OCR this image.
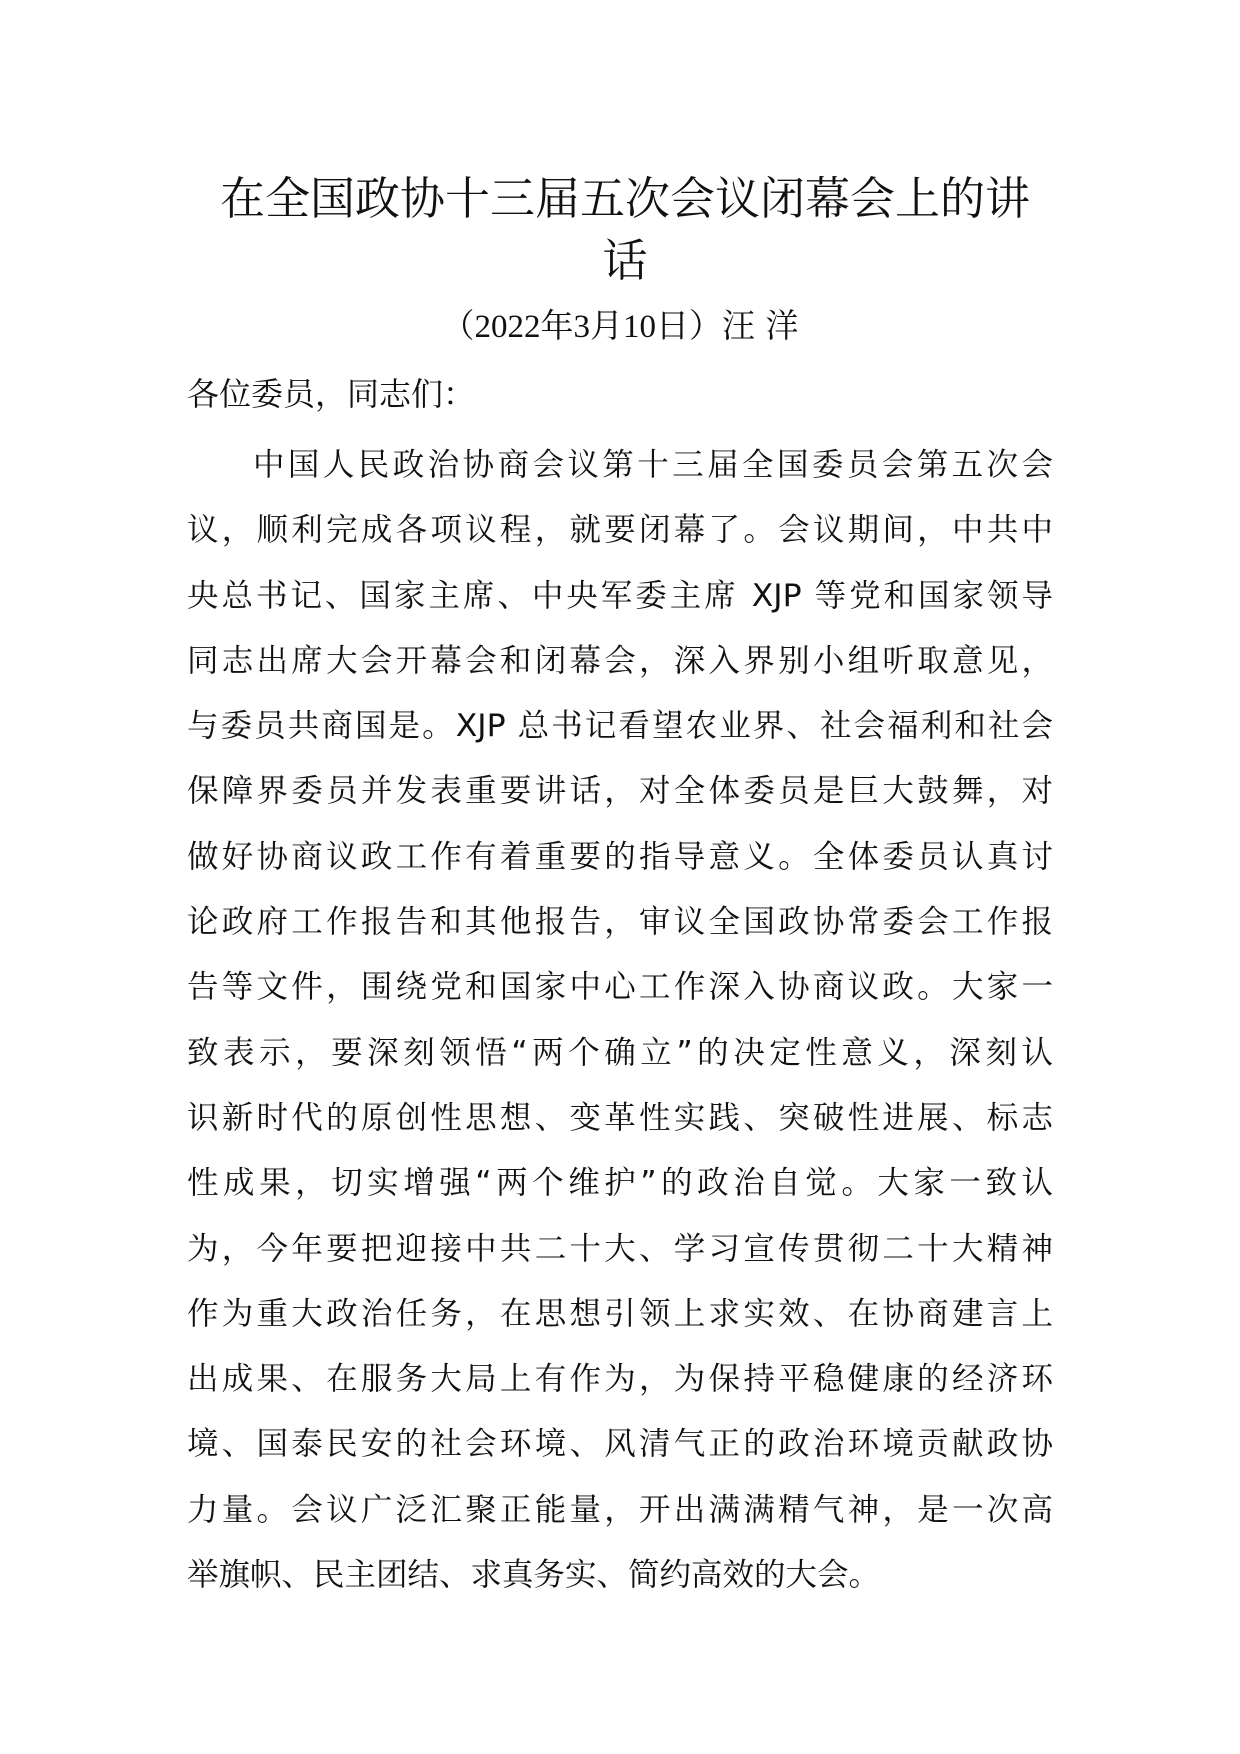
在全国政协十三届五次会议闭幕会上的讲
话
（2022年3月10日）汪 洋
各位委员，同志们：
中国人民政治协商会议第十三届全国委员会第五次会
议，顺利完成各项议程，就要闭幕了。会议期间，中共中
央总书记、国家主席、中央军委主席 XJP 等党和国家领导
同志出席大会开幕会和闭幕会，深入界别小组听取意见，
与委员共商国是。XJP 总书记看望农业界、社会福利和社会
保障界委员并发表重要讲话，对全体委员是巨大鼓舞，对
做好协商议政工作有着重要的指导意义。全体委员认真讨
论政府工作报告和其他报告，审议全国政协常委会工作报
告等文件，围绕党和国家中心工作深入协商议政。大家一
致表示，要深刻领悟“两个确立”的决定性意义，深刻认
识新时代的原创性思想、变革性实践、突破性进展、标志
性成果，切实增强“两个维护”的政治自觉。大家一致认
为，今年要把迎接中共二十大、学习宣传贯彻二十大精神
作为重大政治任务，在思想引领上求实效、在协商建言上
出成果、在服务大局上有作为，为保持平稳健康的经济环
境、国泰民安的社会环境、风清气正的政治环境贡献政协
力量。会议广泛汇聚正能量，开出满满精气神，是一次高
举旗帜、民主团结、求真务实、简约高效的大会。
